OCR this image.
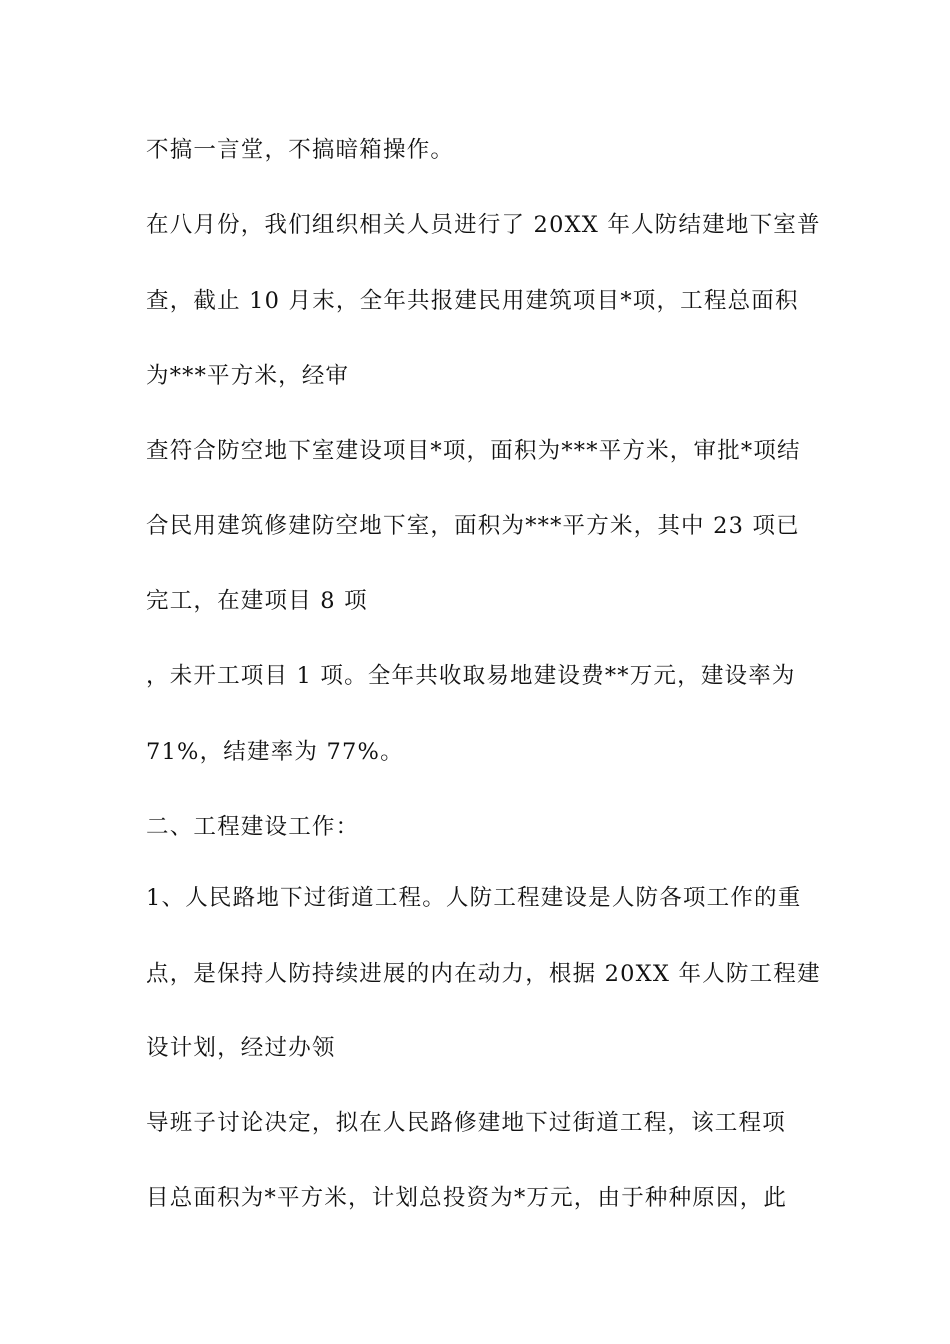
不搞一言堂，不搞暗箱操作。
在八月份，我们组织相关人员进行了 20XX 年人防结建地下室普
查，截止 10 月末，全年共报建民用建筑项目*项，工程总面积
为***平方米，经审
查符合防空地下室建设项目*项，面积为***平方米，审批*项结
合民用建筑修建防空地下室，面积为***平方米，其中 23 项已
完工，在建项目 8 项
，未开工项目 1 项。全年共收取易地建设费**万元，建设率为
71%，结建率为 77%。
二、工程建设工作：
1、人民路地下过街道工程。人防工程建设是人防各项工作的重
点，是保持人防持续进展的内在动力，根据 20XX 年人防工程建
设计划，经过办领
导班子讨论决定，拟在人民路修建地下过街道工程，该工程项
目总面积为*平方米，计划总投资为*万元，由于种种原因，此
